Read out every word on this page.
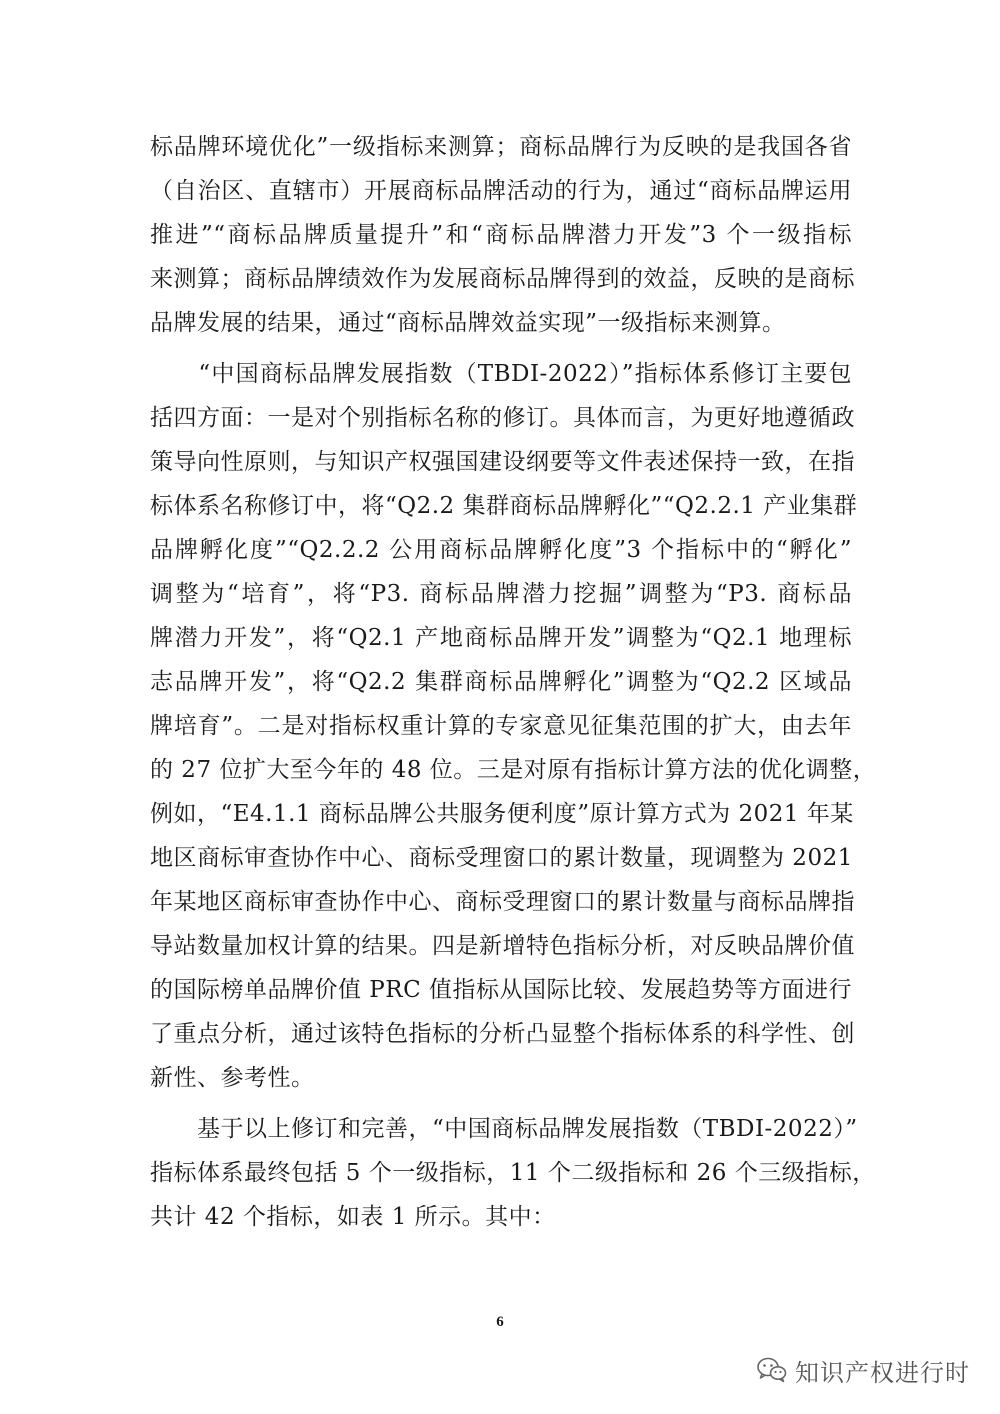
标品牌环境优化”一级指标来测算；商标品牌行为反映的是我国各省
（自治区、直辖市）开展商标品牌活动的行为，通过“商标品牌运用
推进”“商标品牌质量提升”和“商标品牌潜力开发”3 个一级指标
来测算；商标品牌绩效作为发展商标品牌得到的效益，反映的是商标
品牌发展的结果，通过“商标品牌效益实现”一级指标来测算。
　　“中国商标品牌发展指数（TBDI-2022）”指标体系修订主要包
括四方面：一是对个别指标名称的修订。具体而言，为更好地遵循政
策导向性原则，与知识产权强国建设纲要等文件表述保持一致，在指
标体系名称修订中，将“Q2.2 集群商标品牌孵化”“Q2.2.1 产业集群
品牌孵化度”“Q2.2.2 公用商标品牌孵化度”3 个指标中的“孵化”
调整为“培育”，将“P3. 商标品牌潜力挖掘”调整为“P3. 商标品
牌潜力开发”，将“Q2.1 产地商标品牌开发”调整为“Q2.1 地理标
志品牌开发”，将“Q2.2 集群商标品牌孵化”调整为“Q2.2 区域品
牌培育”。二是对指标权重计算的专家意见征集范围的扩大，由去年
的 27 位扩大至今年的 48 位。三是对原有指标计算方法的优化调整，
例如，“E4.1.1 商标品牌公共服务便利度”原计算方式为 2021 年某
地区商标审查协作中心、商标受理窗口的累计数量，现调整为 2021
年某地区商标审查协作中心、商标受理窗口的累计数量与商标品牌指
导站数量加权计算的结果。四是新增特色指标分析，对反映品牌价值
的国际榜单品牌价值 PRC 值指标从国际比较、发展趋势等方面进行
了重点分析，通过该特色指标的分析凸显整个指标体系的科学性、创
新性、参考性。
　　基于以上修订和完善，“中国商标品牌发展指数（TBDI-2022）”
指标体系最终包括 5 个一级指标，11 个二级指标和 26 个三级指标，
共计 42 个指标，如表 1 所示。其中：
6
知识产权进行时
